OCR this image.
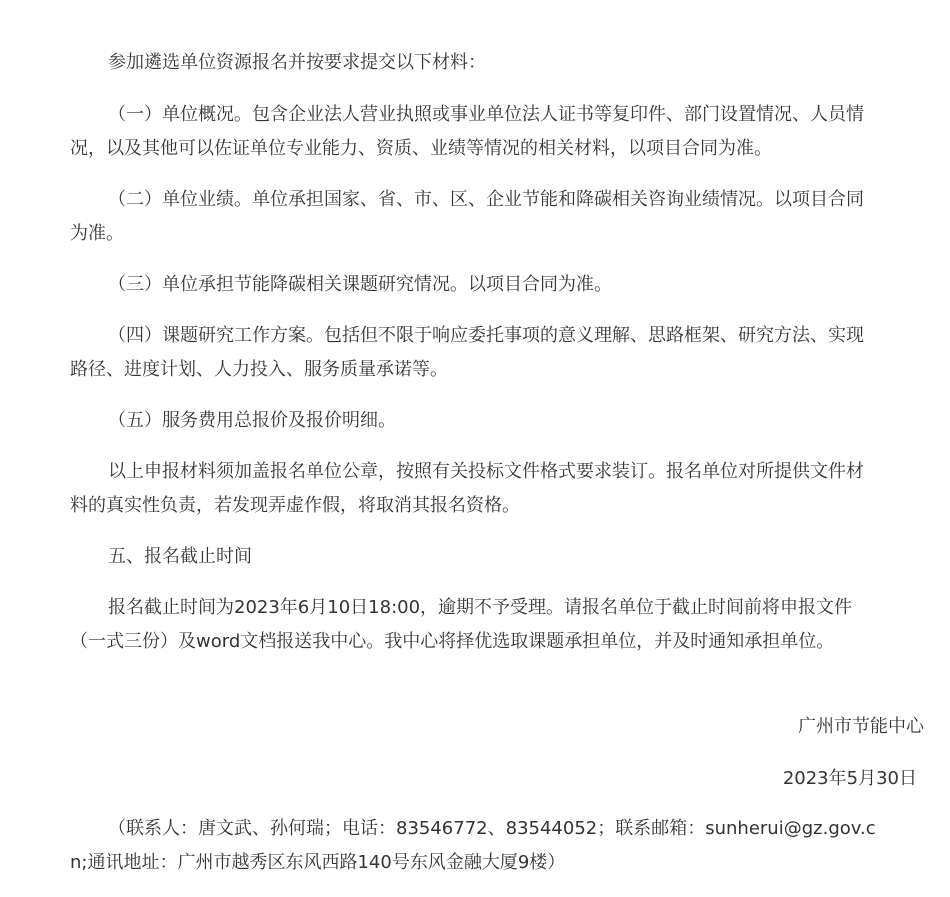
参加遴选单位资源报名并按要求提交以下材料：

（一）单位概况。包含企业法人营业执照或事业单位法人证书等复印件、部门设置情况、人员情况，以及其他可以佐证单位专业能力、资质、业绩等情况的相关材料，以项目合同为准。

（二）单位业绩。单位承担国家、省、市、区、企业节能和降碳相关咨询业绩情况。以项目合同为准。

（三）单位承担节能降碳相关课题研究情况。以项目合同为准。

（四）课题研究工作方案。包括但不限于响应委托事项的意义理解、思路框架、研究方法、实现路径、进度计划、人力投入、服务质量承诺等。

（五）服务费用总报价及报价明细。

以上申报材料须加盖报名单位公章，按照有关投标文件格式要求装订。报名单位对所提供文件材料的真实性负责，若发现弄虚作假，将取消其报名资格。

五、报名截止时间

报名截止时间为2023年6月10日18:00，逾期不予受理。请报名单位于截止时间前将申报文件（一式三份）及word文档报送我中心。我中心将择优选取课题承担单位，并及时通知承担单位。

广州市节能中心

2023年5月30日

（联系人：唐文武、孙何瑞；电话：83546772、83544052；联系邮箱：sunherui@gz.gov.cn;通讯地址：广州市越秀区东风西路140号东风金融大厦9楼）
